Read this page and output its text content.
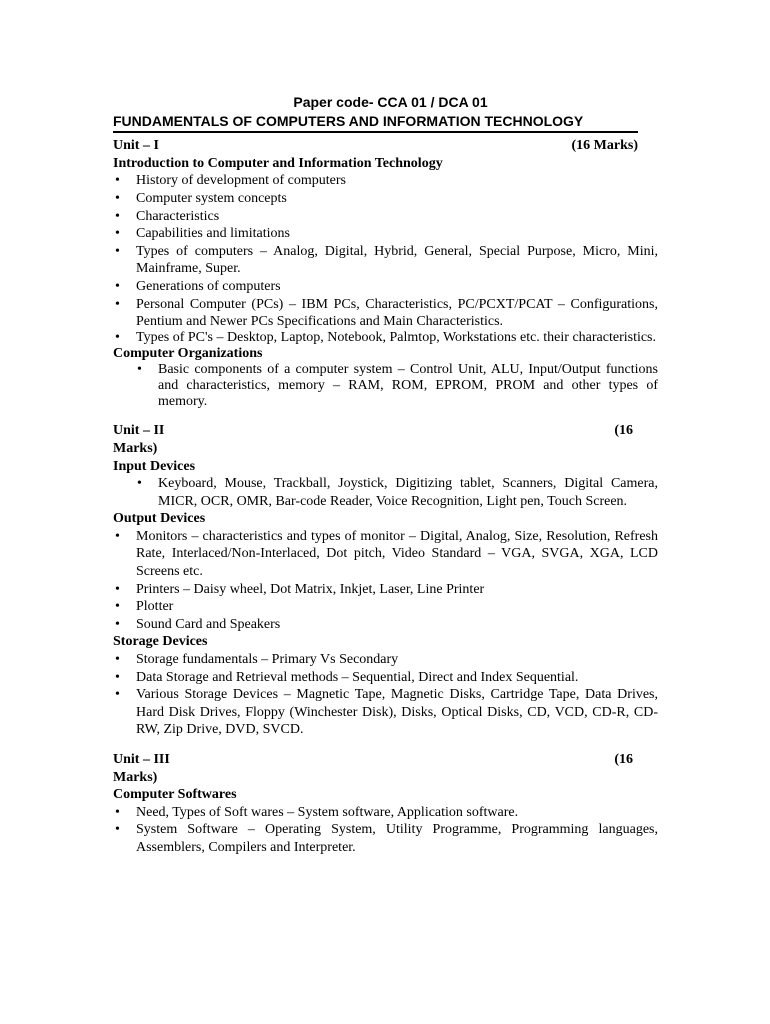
Paper code- CCA 01 / DCA 01
FUNDAMENTALS OF COMPUTERS AND INFORMATION TECHNOLOGY
Unit – I	(16 Marks)
Introduction to Computer and Information Technology
• History of development of computers
• Computer system concepts
• Characteristics
• Capabilities and limitations
• Types of computers – Analog, Digital, Hybrid, General, Special Purpose, Micro, Mini, Mainframe, Super.
• Generations of computers
• Personal Computer (PCs) – IBM PCs, Characteristics, PC/PCXT/PCAT – Configurations, Pentium and Newer PCs Specifications and Main Characteristics.
• Types of PC's – Desktop, Laptop, Notebook, Palmtop, Workstations etc. their characteristics.
Computer Organizations
• Basic components of a computer system – Control Unit, ALU, Input/Output functions and characteristics, memory – RAM, ROM, EPROM, PROM and other types of memory.
Unit – II	(16
Marks)
Input Devices
• Keyboard, Mouse, Trackball, Joystick, Digitizing tablet, Scanners, Digital Camera, MICR, OCR, OMR, Bar-code Reader, Voice Recognition, Light pen, Touch Screen.
Output Devices
• Monitors – characteristics and types of monitor – Digital, Analog, Size, Resolution, Refresh Rate, Interlaced/Non-Interlaced, Dot pitch, Video Standard – VGA, SVGA, XGA, LCD Screens etc.
• Printers – Daisy wheel, Dot Matrix, Inkjet, Laser, Line Printer
• Plotter
• Sound Card and Speakers
Storage Devices
• Storage fundamentals – Primary Vs Secondary
• Data Storage and Retrieval methods – Sequential, Direct and Index Sequential.
• Various Storage Devices – Magnetic Tape, Magnetic Disks, Cartridge Tape, Data Drives, Hard Disk Drives, Floppy (Winchester Disk), Disks, Optical Disks, CD, VCD, CD-R, CD-RW, Zip Drive, DVD, SVCD.
Unit – III	(16
Marks)
Computer Softwares
• Need, Types of Soft wares – System software, Application software.
• System Software – Operating System, Utility Programme, Programming languages, Assemblers, Compilers and Interpreter.
